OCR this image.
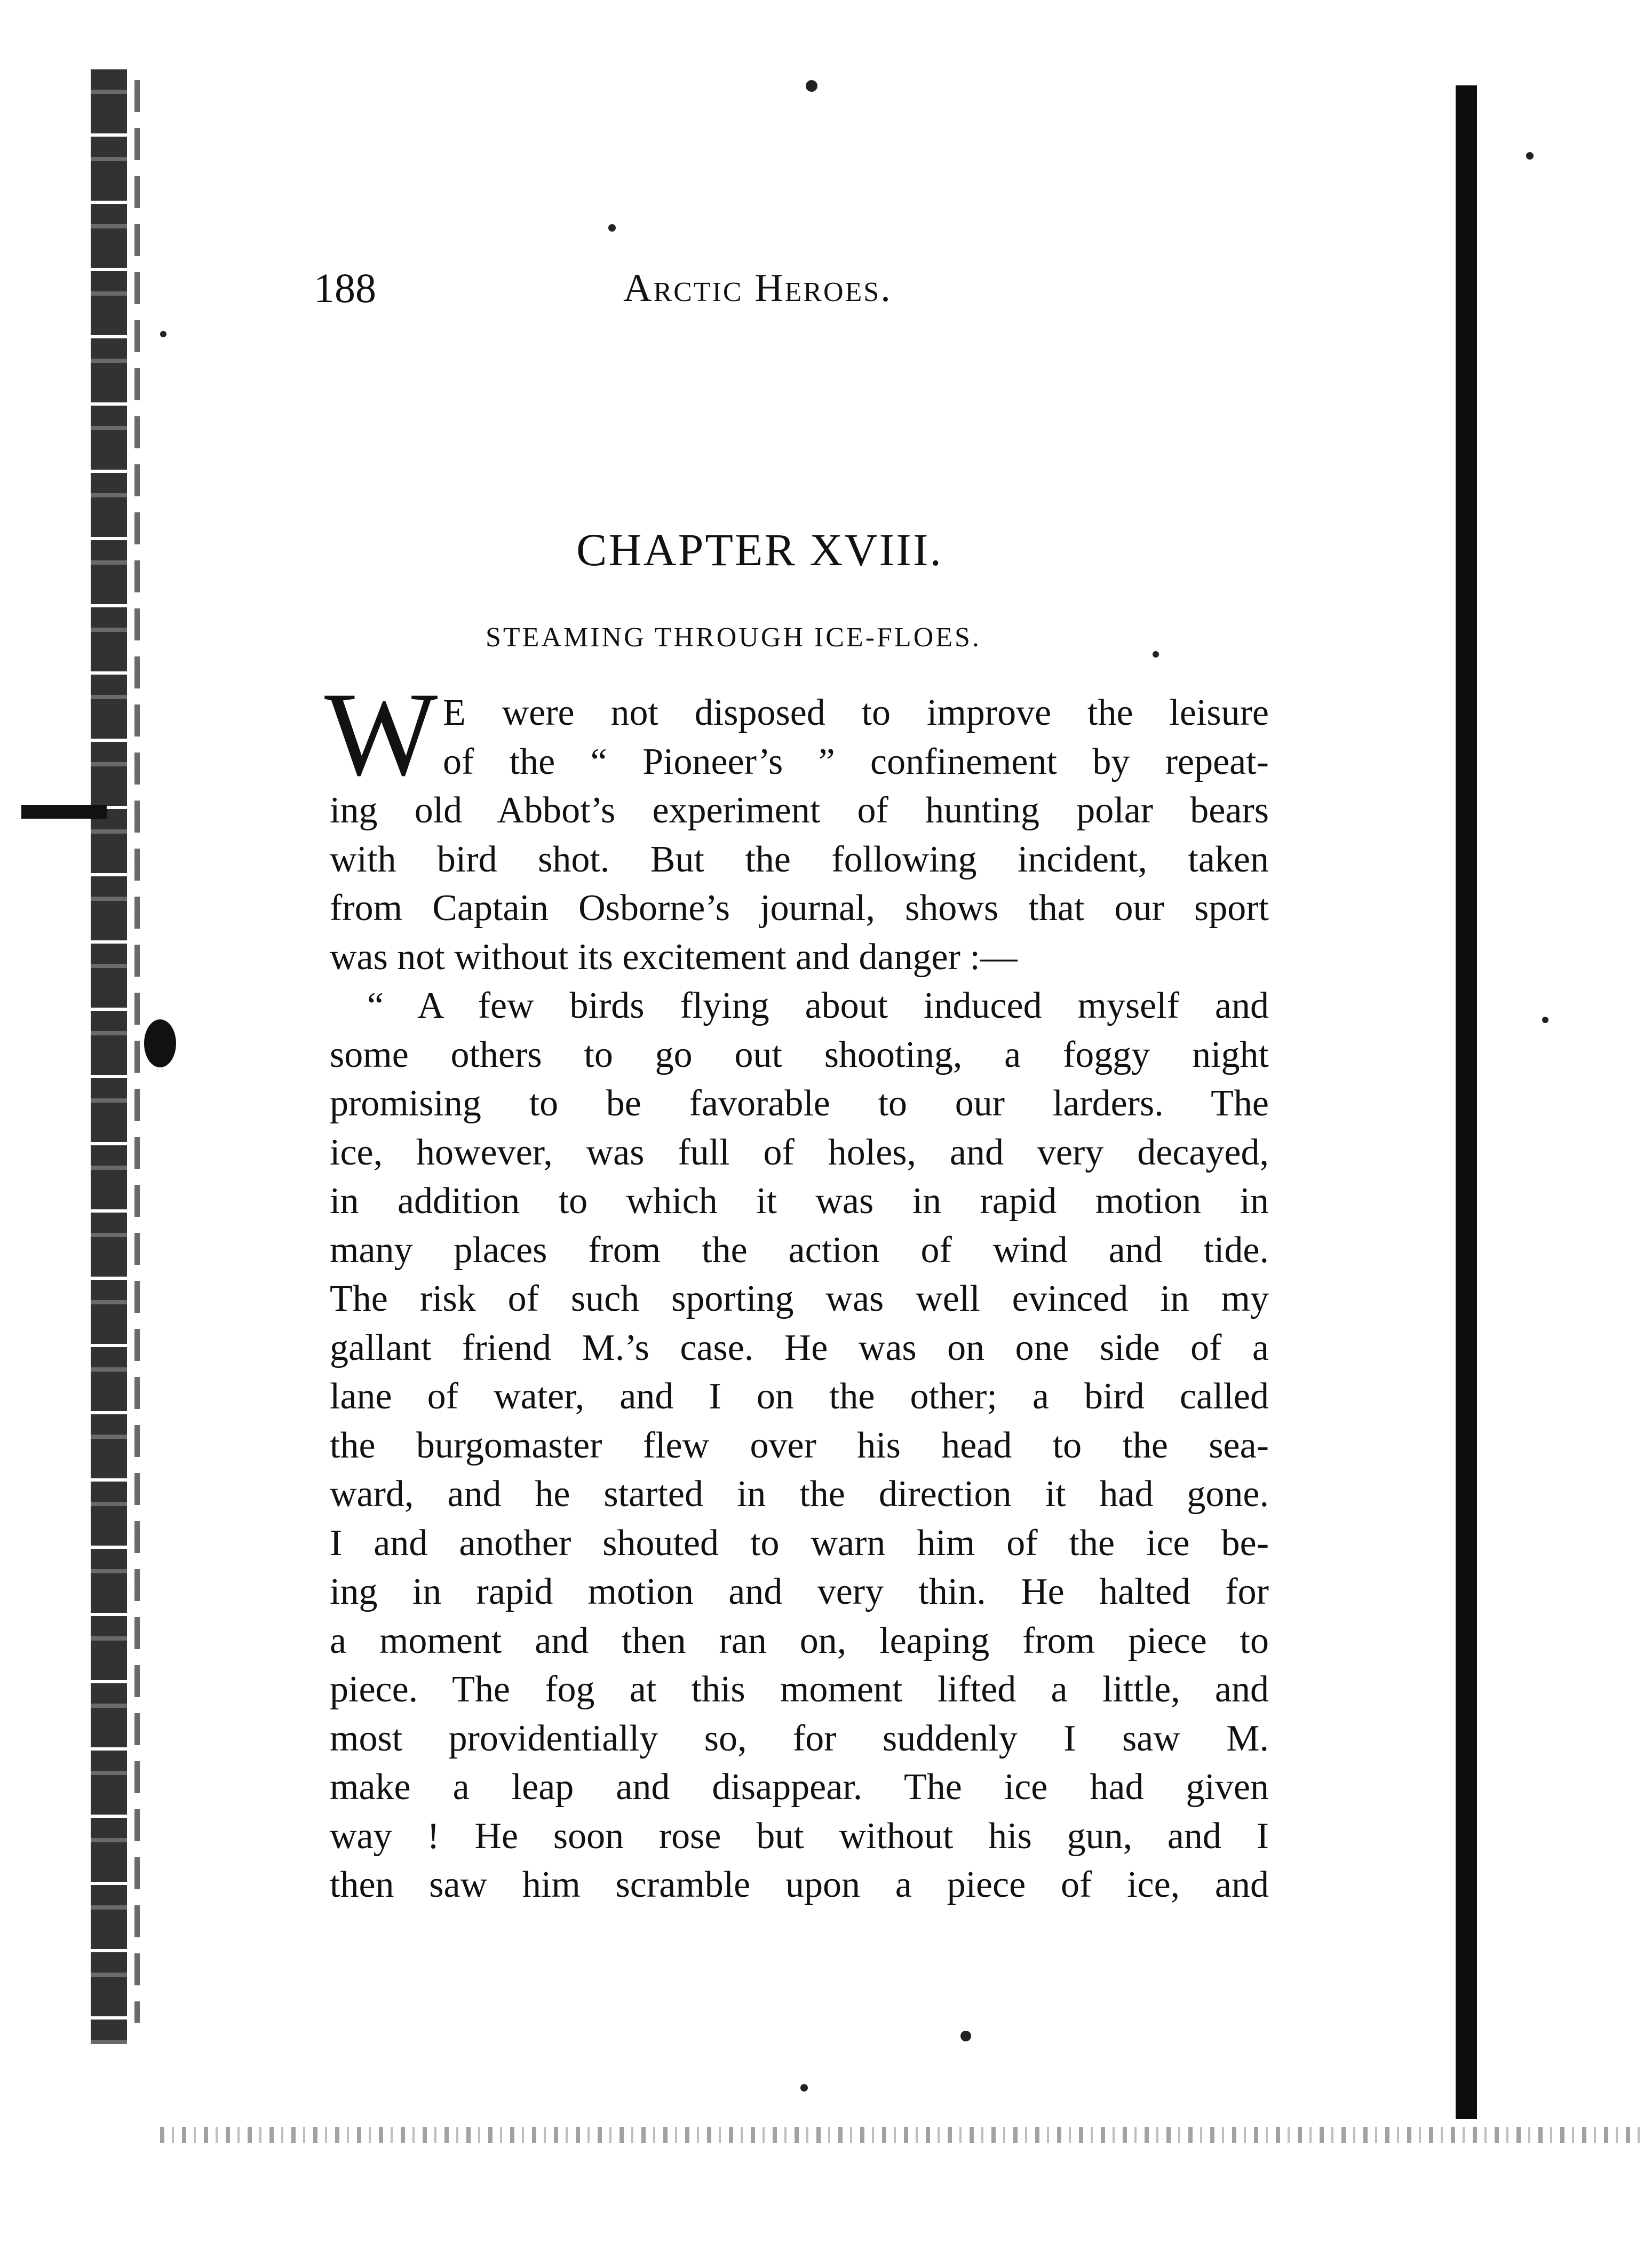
188	Arctic Heroes.
CHAPTER XVIII.
STEAMING THROUGH ICE-FLOES.
W E were not disposed to improve the leisure
of the “ Pioneer’s ” confinement by repeat-
ing old Abbot’s experiment of hunting polar bears
with bird shot. But the following incident, taken
from Captain Osborne’s journal, shows that our sport
was not without its excitement and danger :—
“ A few birds flying about induced myself and
some others to go out shooting, a foggy night
promising to be favorable to our larders. The
ice, however, was full of holes, and very decayed,
in addition to which it was in rapid motion in
many places from the action of wind and tide.
The risk of such sporting was well evinced in my
gallant friend M.’s case. He was on one side of a
lane of water, and I on the other; a bird called
the burgomaster flew over his head to the sea-
ward, and he started in the direction it had gone.
I and another shouted to warn him of the ice be-
ing in rapid motion and very thin. He halted for
a moment and then ran on, leaping from piece to
piece. The fog at this moment lifted a little, and
most providentially so, for suddenly I saw M.
make a leap and disappear. The ice had given
way ! He soon rose but without his gun, and I
then saw him scramble upon a piece of ice, and
